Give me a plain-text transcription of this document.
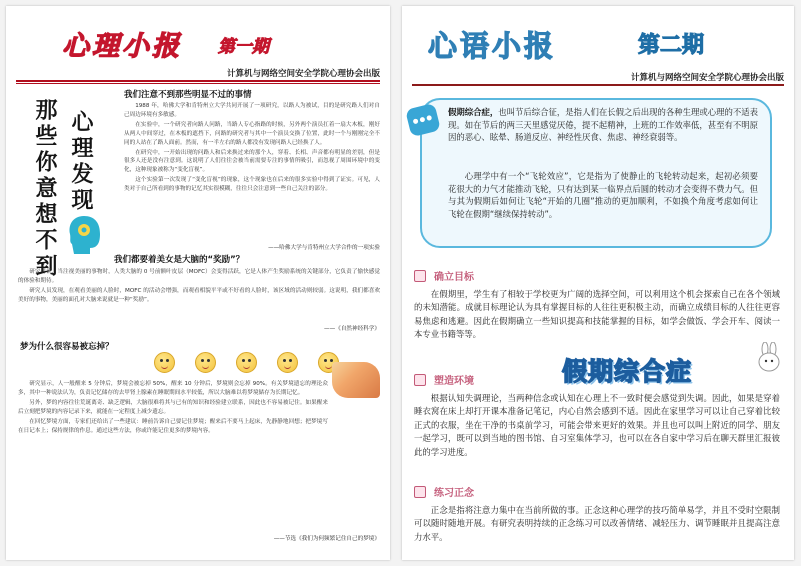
心理小报 第一期
计算机与网络空间安全学院心理协会出版
那些你意想不到 心理发现
我们注意不到那些明显不过的事情

1988 年，哈佛大学和肯特州立大学共同开展了一项研究，以路人为被试，目的是研究路人们对自己周边环境有多敏感。

在实验中，一个研究者向路人问路，当路人专心指路的时候，另外两个演员扛着一扇大木板，刚好从两人中间穿过，在木板的遮挡下，问路的研究者与其中一个演员交换了位置，此时一个与刚刚完全不同的人站在了路人面前。然而，有一半左右的路人都没有发现问路人已经换了人。

在研究中，一开始出现的问路人和后来换过来的那个人，穿着、长相、声音都有明显的差别，但是很多人还是没有注意到。这说明了人们往往会被当前需要专注的事情所吸引，而忽视了周围环境中的变化，这种现象被称为“变化盲视”。

这个实验第一次发现了“变化盲视”的现象，这个现象也在后来的很多实验中得到了证实。可见，人类对于自己所看到的事物的记忆其实很模糊，往往只会注意到一些自己关注的部分。

——哈佛大学与肯特州立大学合作的一项实验
我们都要着美女是大脑的“奖励”？

研究者说，当注视美丽的事物时，人类大脑的 0 号前额叶皮层（MOFC）会变得活跃，它是人体产生奖励系统的关键部分，它负责了愉快感觉的体验和期待。

研究人员发现，在观看美丽的人脸时，MOFC 的活动会增强，而观看相貌平平或不好看的人脸时，该区域的活动则较弱。这说明，我们都喜欢美好的事物，美丽的面孔对大脑来说就是一种“奖励”。

——《自然神经科学》
梦为什么很容易被忘掉？

研究显示，人一般醒来 5 分钟后，梦境会被忘掉 50%，醒来 10 分钟后，梦境则会忘掉 90%。有关梦境遗忘的理论众多，其中一种说法认为，负责记忆储存的去甲肾上腺素在睡眠期间水平较低，所以大脑难以将梦境储存为长期记忆。

另外，梦的内容往往荒诞离奇、缺乏逻辑，大脑很难将其与已有的知识和经验建立联系，因此也不容易被记住。如果醒来后立刻把梦境的内容记录下来，就能在一定程度上减少遗忘。

在回忆梦境方面，专家们还给出了一些建议：睡前告诉自己要记住梦境；醒来后不要马上起床，先静静地回想；把梦境写在日记本上；保持规律的作息。通过这些方法，你或许能记住更多的梦境内容。

——节选《我们为何频繁记住自己的梦境》
心语小报	第二期
计算机与网络空间安全学院心理协会出版
假期综合症，也叫节后综合征，是指人们在长假之后出现的各种生理或心理的不适表现。如在节后的两三天里感觉厌倦，提不起精神，上班的工作效率低，甚至有不明原因的恶心、眩晕、肠道反应、神经性厌食、焦虑、神经衰弱等。
心理学中有一个“飞轮效应”，它是指为了使静止的飞轮转动起来，起初必须要花很大的力气才能推动飞轮，只有达到某一临界点后圆的转动才会变得不费力气。但与其为假期后如何让飞轮“开始的几圈”推动的更加顺利，不如换个角度考虑如何让飞轮在假期“继续保持转动”。
确立目标

在假期里，学生有了相较于学校更为广阔的选择空间，可以利用这个机会探索自己在各个领域的未知潜能。成就目标理论认为具有掌握目标的人往往更积极主动，而确立成绩目标的人往往更容易焦虑和逃避。因此在假期确立一些知识提高和技能掌握的目标，如学会做饭、学会开车、阅读一本专业书籍等等。

假期综合症
塑造环境

根据认知失调理论，当两种信念或认知在心理上不一致时便会感觉到失调。因此，如果是穿着睡衣窝在床上却打开课本准备记笔记，内心自然会感到不适。因此在家里学习可以让自己穿着比较正式的衣服，坐在干净的书桌前学习，可能会带来更好的效果。并且也可以叫上附近的同学、朋友一起学习，既可以到当地的图书馆、自习室集体学习，也可以在各自家中学习后在聊天群里汇报彼此的学习进度。

练习正念

正念是指将注意力集中在当前所做的事。正念这种心理学的技巧简单易学，并且不受时空限制可以随时随地开展。有研究表明持续的正念练习可以改善情绪、减轻压力、调节睡眠并且提高注意力水平。
